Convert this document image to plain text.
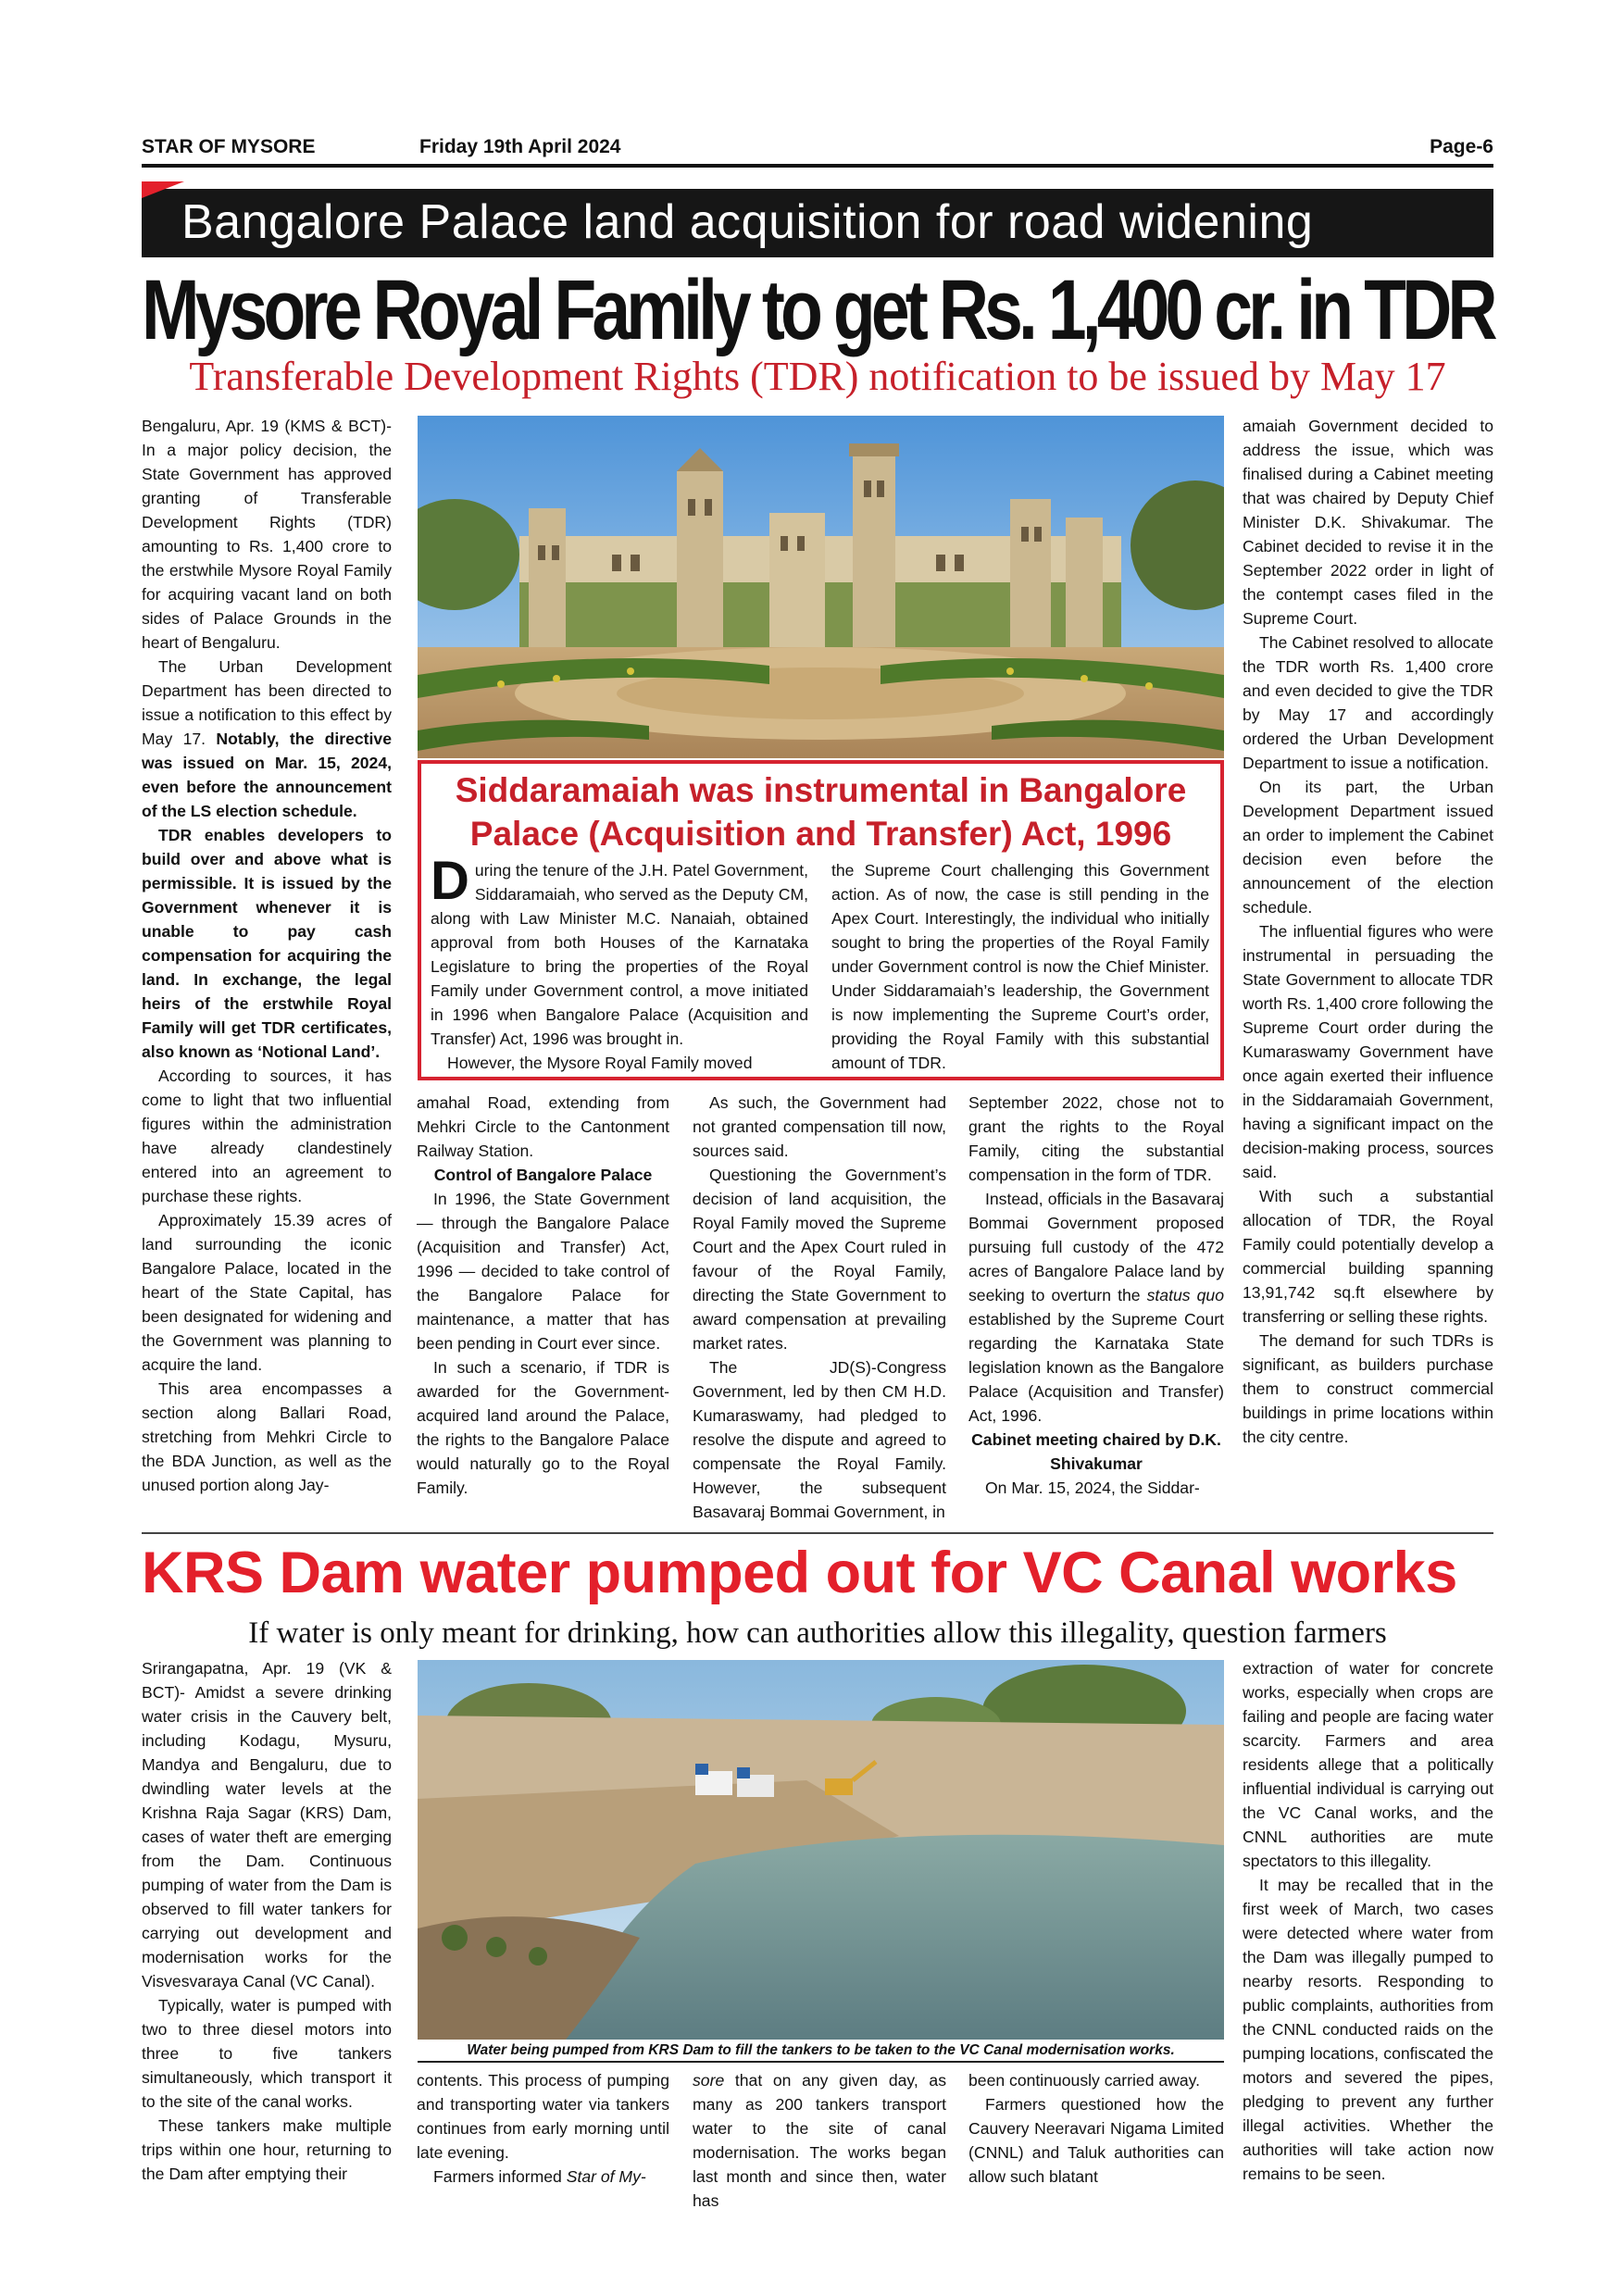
STAR OF MYSORE	Friday 19th April 2024	Page-6
Bangalore Palace land acquisition for road widening
Mysore Royal Family to get Rs. 1,400 cr. in TDR
Transferable Development Rights (TDR) notification to be issued by May 17

Bengaluru, Apr. 19 (KMS & BCT)- In a major policy decision, the State Government has approved granting of Transferable Development Rights (TDR) amounting to Rs. 1,400 crore to the erstwhile Mysore Royal Family for acquiring vacant land on both sides of Palace Grounds in the heart of Bengaluru.

The Urban Development Department has been directed to issue a notification to this effect by May 17. Notably, the directive was issued on Mar. 15, 2024, even before the announcement of the LS election schedule.

TDR enables developers to build over and above what is permissible. It is issued by the Government whenever it is unable to pay cash compensation for acquiring the land. In exchange, the legal heirs of the erstwhile Royal Family will get TDR certificates, also known as ‘Notional Land’.

According to sources, it has come to light that two influential figures within the administration have already clandestinely entered into an agreement to purchase these rights.

Approximately 15.39 acres of land surrounding the iconic Bangalore Palace, located in the heart of the State Capital, has been designated for widening and the Government was planning to acquire the land.

This area encompasses a section along Ballari Road, stretching from Mehkri Circle to the BDA Junction, as well as the unused portion along Jay-

Siddaramaiah was instrumental in Bangalore Palace (Acquisition and Transfer) Act, 1996
During the tenure of the J.H. Patel Government, Siddaramaiah, who served as the Deputy CM, along with Law Minister M.C. Nanaiah, obtained approval from both Houses of the Karnataka Legislature to bring the properties of the Royal Family under Government control, a move initiated in 1996 when Bangalore Palace (Acquisition and Transfer) Act, 1996 was brought in.
However, the Mysore Royal Family moved
the Supreme Court challenging this Government action. As of now, the case is still pending in the Apex Court. Interestingly, the individual who initially sought to bring the properties of the Royal Family under Government control is now the Chief Minister. Under Siddaramaiah’s leadership, the Government is now implementing the Supreme Court’s order, providing the Royal Family with this substantial amount of TDR.

amahal Road, extending from Mehkri Circle to the Cantonment Railway Station.

Control of Bangalore Palace

In 1996, the State Government — through the Bangalore Palace (Acquisition and Transfer) Act, 1996 — decided to take control of the Bangalore Palace for maintenance, a matter that has been pending in Court ever since.

In such a scenario, if TDR is awarded for the Government-acquired land around the Palace, the rights to the Bangalore Palace would naturally go to the Royal Family.

As such, the Government had not granted compensation till now, sources said.

Questioning the Government’s decision of land acquisition, the Royal Family moved the Supreme Court and the Apex Court ruled in favour of the Royal Family, directing the State Government to award compensation at prevailing market rates.

The JD(S)-Congress Government, led by then CM H.D. Kumaraswamy, had pledged to resolve the dispute and agreed to compensate the Royal Family. However, the subsequent Basavaraj Bommai Government, in

September 2022, chose not to grant the rights to the Royal Family, citing the substantial compensation in the form of TDR.

Instead, officials in the Basavaraj Bommai Government proposed pursuing full custody of the 472 acres of Bangalore Palace land by seeking to overturn the status quo established by the Supreme Court regarding the Karnataka State legislation known as the Bangalore Palace (Acquisition and Transfer) Act, 1996.

Cabinet meeting chaired by D.K. Shivakumar

On Mar. 15, 2024, the Siddar-

amaiah Government decided to address the issue, which was finalised during a Cabinet meeting that was chaired by Deputy Chief Minister D.K. Shivakumar. The Cabinet decided to revise it in the September 2022 order in light of the contempt cases filed in the Supreme Court.

The Cabinet resolved to allocate the TDR worth Rs. 1,400 crore and even decided to give the TDR by May 17 and accordingly ordered the Urban Development Department to issue a notification.

On its part, the Urban Development Department issued an order to implement the Cabinet decision even before the announcement of the election schedule.

The influential figures who were instrumental in persuading the State Government to allocate TDR worth Rs. 1,400 crore following the Supreme Court order during the Kumaraswamy Government have once again exerted their influence in the Siddaramaiah Government, having a significant impact on the decision-making process, sources said.

With such a substantial allocation of TDR, the Royal Family could potentially develop a commercial building spanning 13,91,742 sq.ft elsewhere by transferring or selling these rights.

The demand for such TDRs is significant, as builders purchase them to construct commercial buildings in prime locations within the city centre.

KRS Dam water pumped out for VC Canal works
If water is only meant for drinking, how can authorities allow this illegality, question farmers

Srirangapatna, Apr. 19 (VK & BCT)- Amidst a severe drinking water crisis in the Cauvery belt, including Kodagu, Mysuru, Mandya and Bengaluru, due to dwindling water levels at the Krishna Raja Sagar (KRS) Dam, cases of water theft are emerging from the Dam. Continuous pumping of water from the Dam is observed to fill water tankers for carrying out development and modernisation works for the Visvesvaraya Canal (VC Canal).

Typically, water is pumped with two to three diesel motors into three to five tankers simultaneously, which transport it to the site of the canal works.

These tankers make multiple trips within one hour, returning to the Dam after emptying their

Water being pumped from KRS Dam to fill the tankers to be taken to the VC Canal modernisation works.

contents. This process of pumping and transporting water via tankers continues from early morning until late evening.

Farmers informed Star of My-

sore that on any given day, as many as 200 tankers transport water to the site of canal modernisation. The works began last month and since then, water has

been continuously carried away.

Farmers questioned how the Cauvery Neeravari Nigama Limited (CNNL) and Taluk authorities can allow such blatant

extraction of water for concrete works, especially when crops are failing and people are facing water scarcity. Farmers and area residents allege that a politically influential individual is carrying out the VC Canal works, and the CNNL authorities are mute spectators to this illegality.

It may be recalled that in the first week of March, two cases were detected where water from the Dam was illegally pumped to nearby resorts. Responding to public complaints, authorities from the CNNL conducted raids on the pumping locations, confiscated the motors and severed the pipes, pledging to prevent any further illegal activities. Whether the authorities will take action now remains to be seen.
